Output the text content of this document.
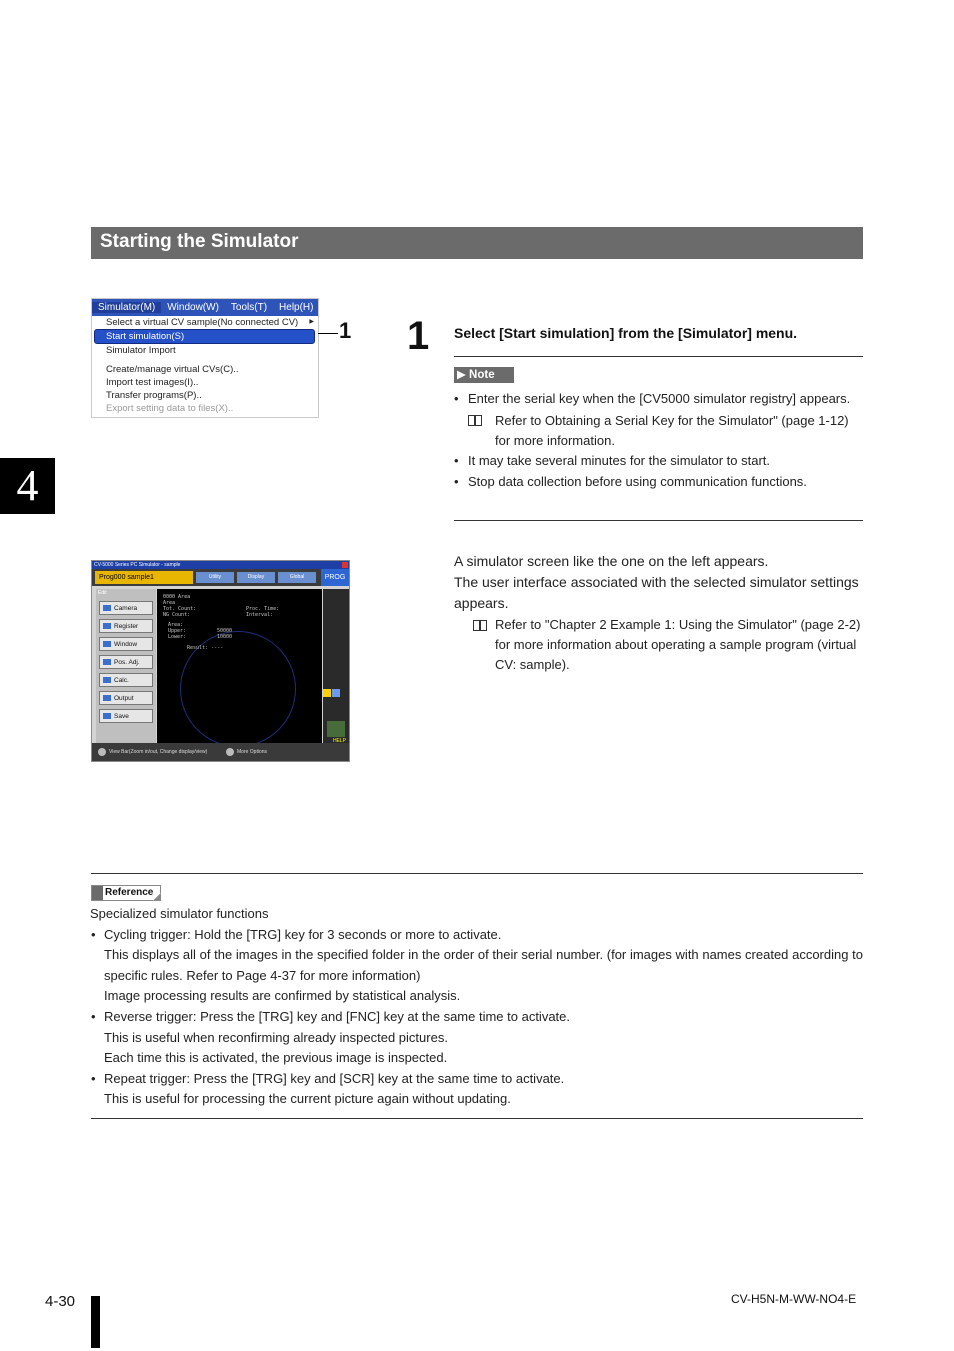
Starting the Simulator
4
Simulator(M)	Window(W)	Tools(T)	Help(H)
Select a virtual CV sample(No connected CV) ▶
Start simulation(S)
Simulator Import
Create/manage virtual CVs(C)..
Import test images(I)..
Transfer programs(P)..
Export setting data to files(X)..
1 1 Select [Start simulation] from the [Simulator] menu.
▶ Note
• Enter the serial key when the [CV5000 simulator registry] appears.
Refer to Obtaining a Serial Key for the Simulator" (page 1-12) for more information.
• It may take several minutes for the simulator to start.
• Stop data collection before using communication functions.
A simulator screen like the one on the left appears.
The user interface associated with the selected simulator settings appears.
Refer to "Chapter 2 Example 1: Using the Simulator" (page 2-2) for more information about operating a sample program (virtual CV: sample).
CV-5000 Series PC Simulator - sample
Prog000 sample1	Utility	Display	Global	PROG
Edit
Camera
Register
Window
Pos. Adj.
Calc.
Output
Save
0000 Area
Area
Tot. Count:
NG Count:
Proc. Time:
Interval:
Area:
Upper:
Lower:
50000
10000
Result: ----
View Bar(Zoom in/out, Change display/view)	More Options
HELP
Reference
Specialized simulator functions
• Cycling trigger: Hold the [TRG] key for 3 seconds or more to activate.
This displays all of the images in the specified folder in the order of their serial number. (for images with names created according to specific rules. Refer to Page 4-37 for more information)
Image processing results are confirmed by statistical analysis.
• Reverse trigger: Press the [TRG] key and [FNC] key at the same time to activate.
This is useful when reconfirming already inspected pictures.
Each time this is activated, the previous image is inspected.
• Repeat trigger: Press the [TRG] key and [SCR] key at the same time to activate.
This is useful for processing the current picture again without updating.
4-30	CV-H5N-M-WW-NO4-E
